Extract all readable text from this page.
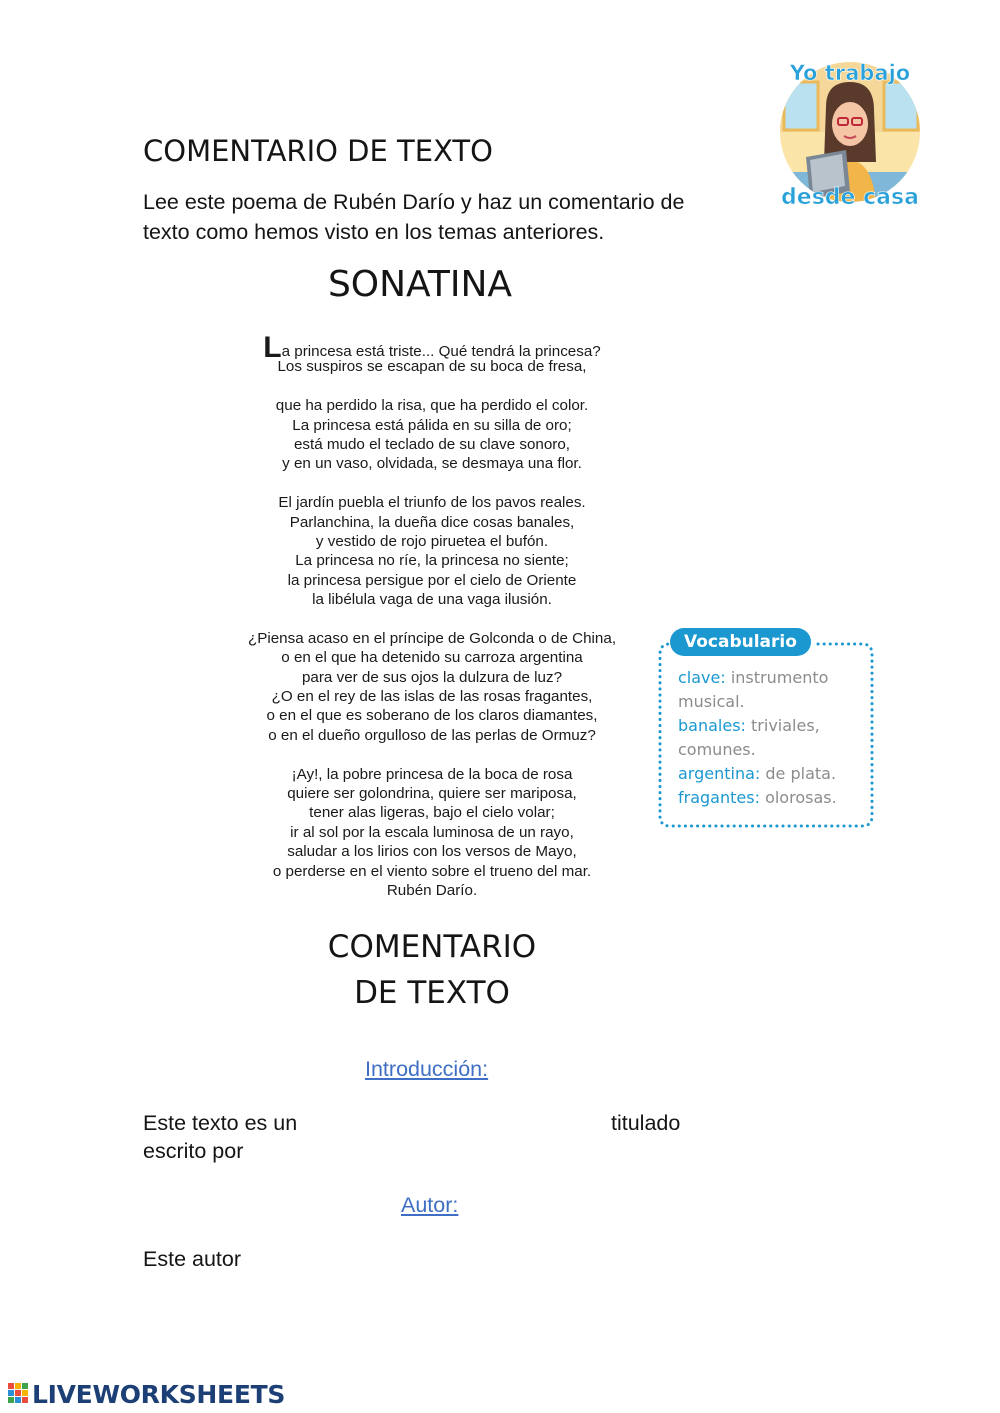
COMENTARIO DE TEXTO
Lee este poema de Rubén Darío y haz un comentario de
texto como hemos visto en los temas anteriores.
Yo trabajo
desde casa
SONATINA
La princesa está triste... Qué tendrá la princesa?
Los suspiros se escapan de su boca de fresa,
que ha perdido la risa, que ha perdido el color.
La princesa está pálida en su silla de oro;
está mudo el teclado de su clave sonoro,
y en un vaso, olvidada, se desmaya una flor.
El jardín puebla el triunfo de los pavos reales.
Parlanchina, la dueña dice cosas banales,
y vestido de rojo piruetea el bufón.
La princesa no ríe, la princesa no siente;
la princesa persigue por el cielo de Oriente
la libélula vaga de una vaga ilusión.
¿Piensa acaso en el príncipe de Golconda o de China,
o en el que ha detenido su carroza argentina
para ver de sus ojos la dulzura de luz?
¿O en el rey de las islas de las rosas fragantes,
o en el que es soberano de los claros diamantes,
o en el dueño orgulloso de las perlas de Ormuz?
¡Ay!, la pobre princesa de la boca de rosa
quiere ser golondrina, quiere ser mariposa,
tener alas ligeras, bajo el cielo volar;
ir al sol por la escala luminosa de un rayo,
saludar a los lirios con los versos de Mayo,
o perderse en el viento sobre el trueno del mar.
Rubén Darío.
Vocabulario
clave: instrumento
musical.
banales: triviales,
comunes.
argentina: de plata.
fragantes: olorosas.
COMENTARIO
DE TEXTO
Introducción:
Este texto es un	titulado
escrito por
Autor:
Este autor
LIVEWORKSHEETS
